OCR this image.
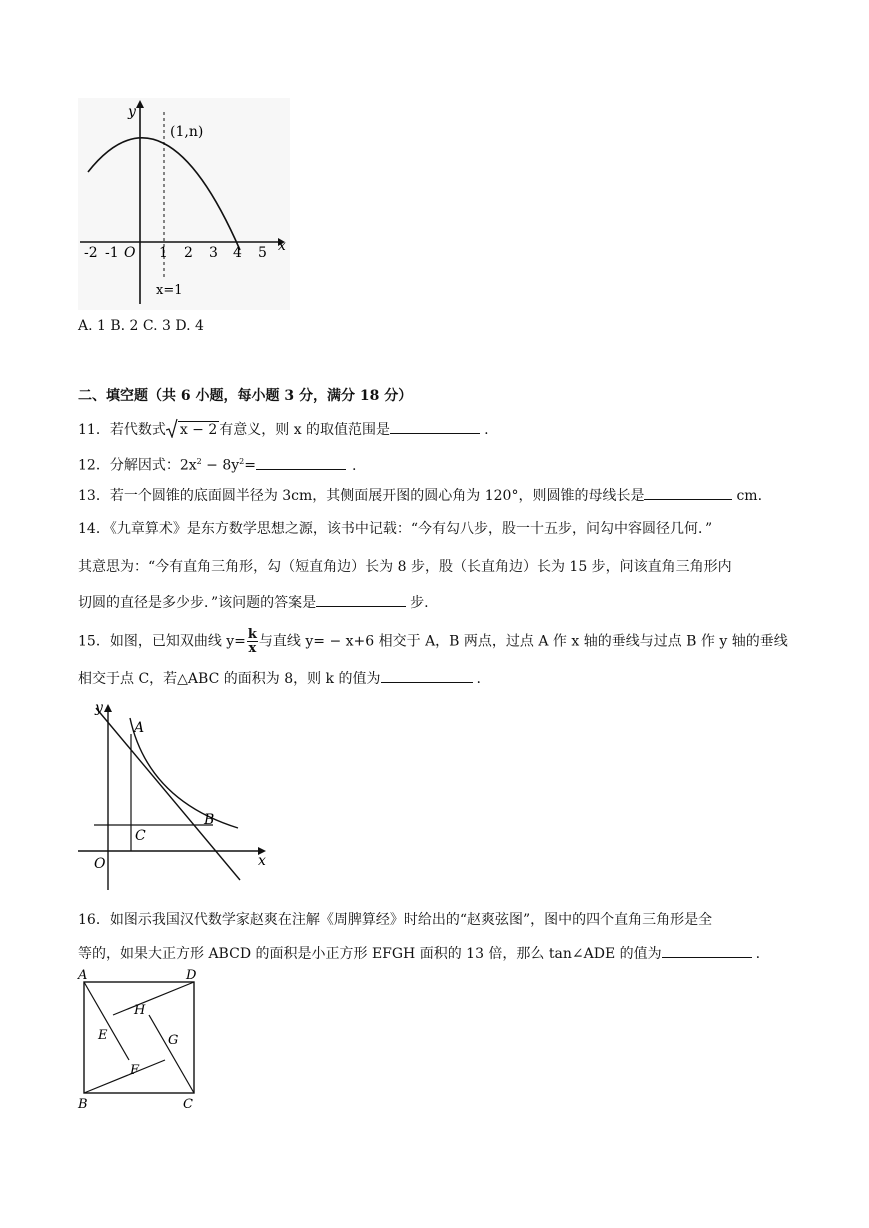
y
x
(1,n)
O
-2 -1	1 2 3 4 5
x=1
A. 1 B. 2 C. 3 D. 4
二、填空题（共 6 小题，每小题 3 分，满分 18 分）
11．若代数式 x − 2 有意义，则 x 的取值范围是	.
12．分解因式：$2x^2 - 8y^2=$	.
13．若一个圆锥的底面圆半径为 3cm，其侧面展开图的圆心角为 120°，则圆锥的母线长是	cm.
14．《九章算术》是东方数学思想之源，该书中记载：“今有勾八步，股一十五步，问勾中容圆径几何．”
其意思为：“今有直角三角形，勾（短直角边）长为 8 步，股（长直角边）长为 15 步，问该直角三角形内
切圆的直径是多少步．”该问题的答案是	步.
15．如图，已知双曲线 $y= \frac{k}{x}$ 与直线 y= − x+6 相交于 A，B 两点，过点 A 作 x 轴的垂线与过点 B 作 y 轴的垂线
相交于点 C，若△ABC 的面积为 8，则 k 的值为	.
y
x
A
B
C
O
16．如图示我国汉代数学家赵爽在注解《周脾算经》时给出的“赵爽弦图”，图中的四个直角三角形是全
等的，如果大正方形 ABCD 的面积是小正方形 EFGH 面积的 13 倍，那么 tan∠ADE 的值为	.
A	D
B	C
E
F
G
H
